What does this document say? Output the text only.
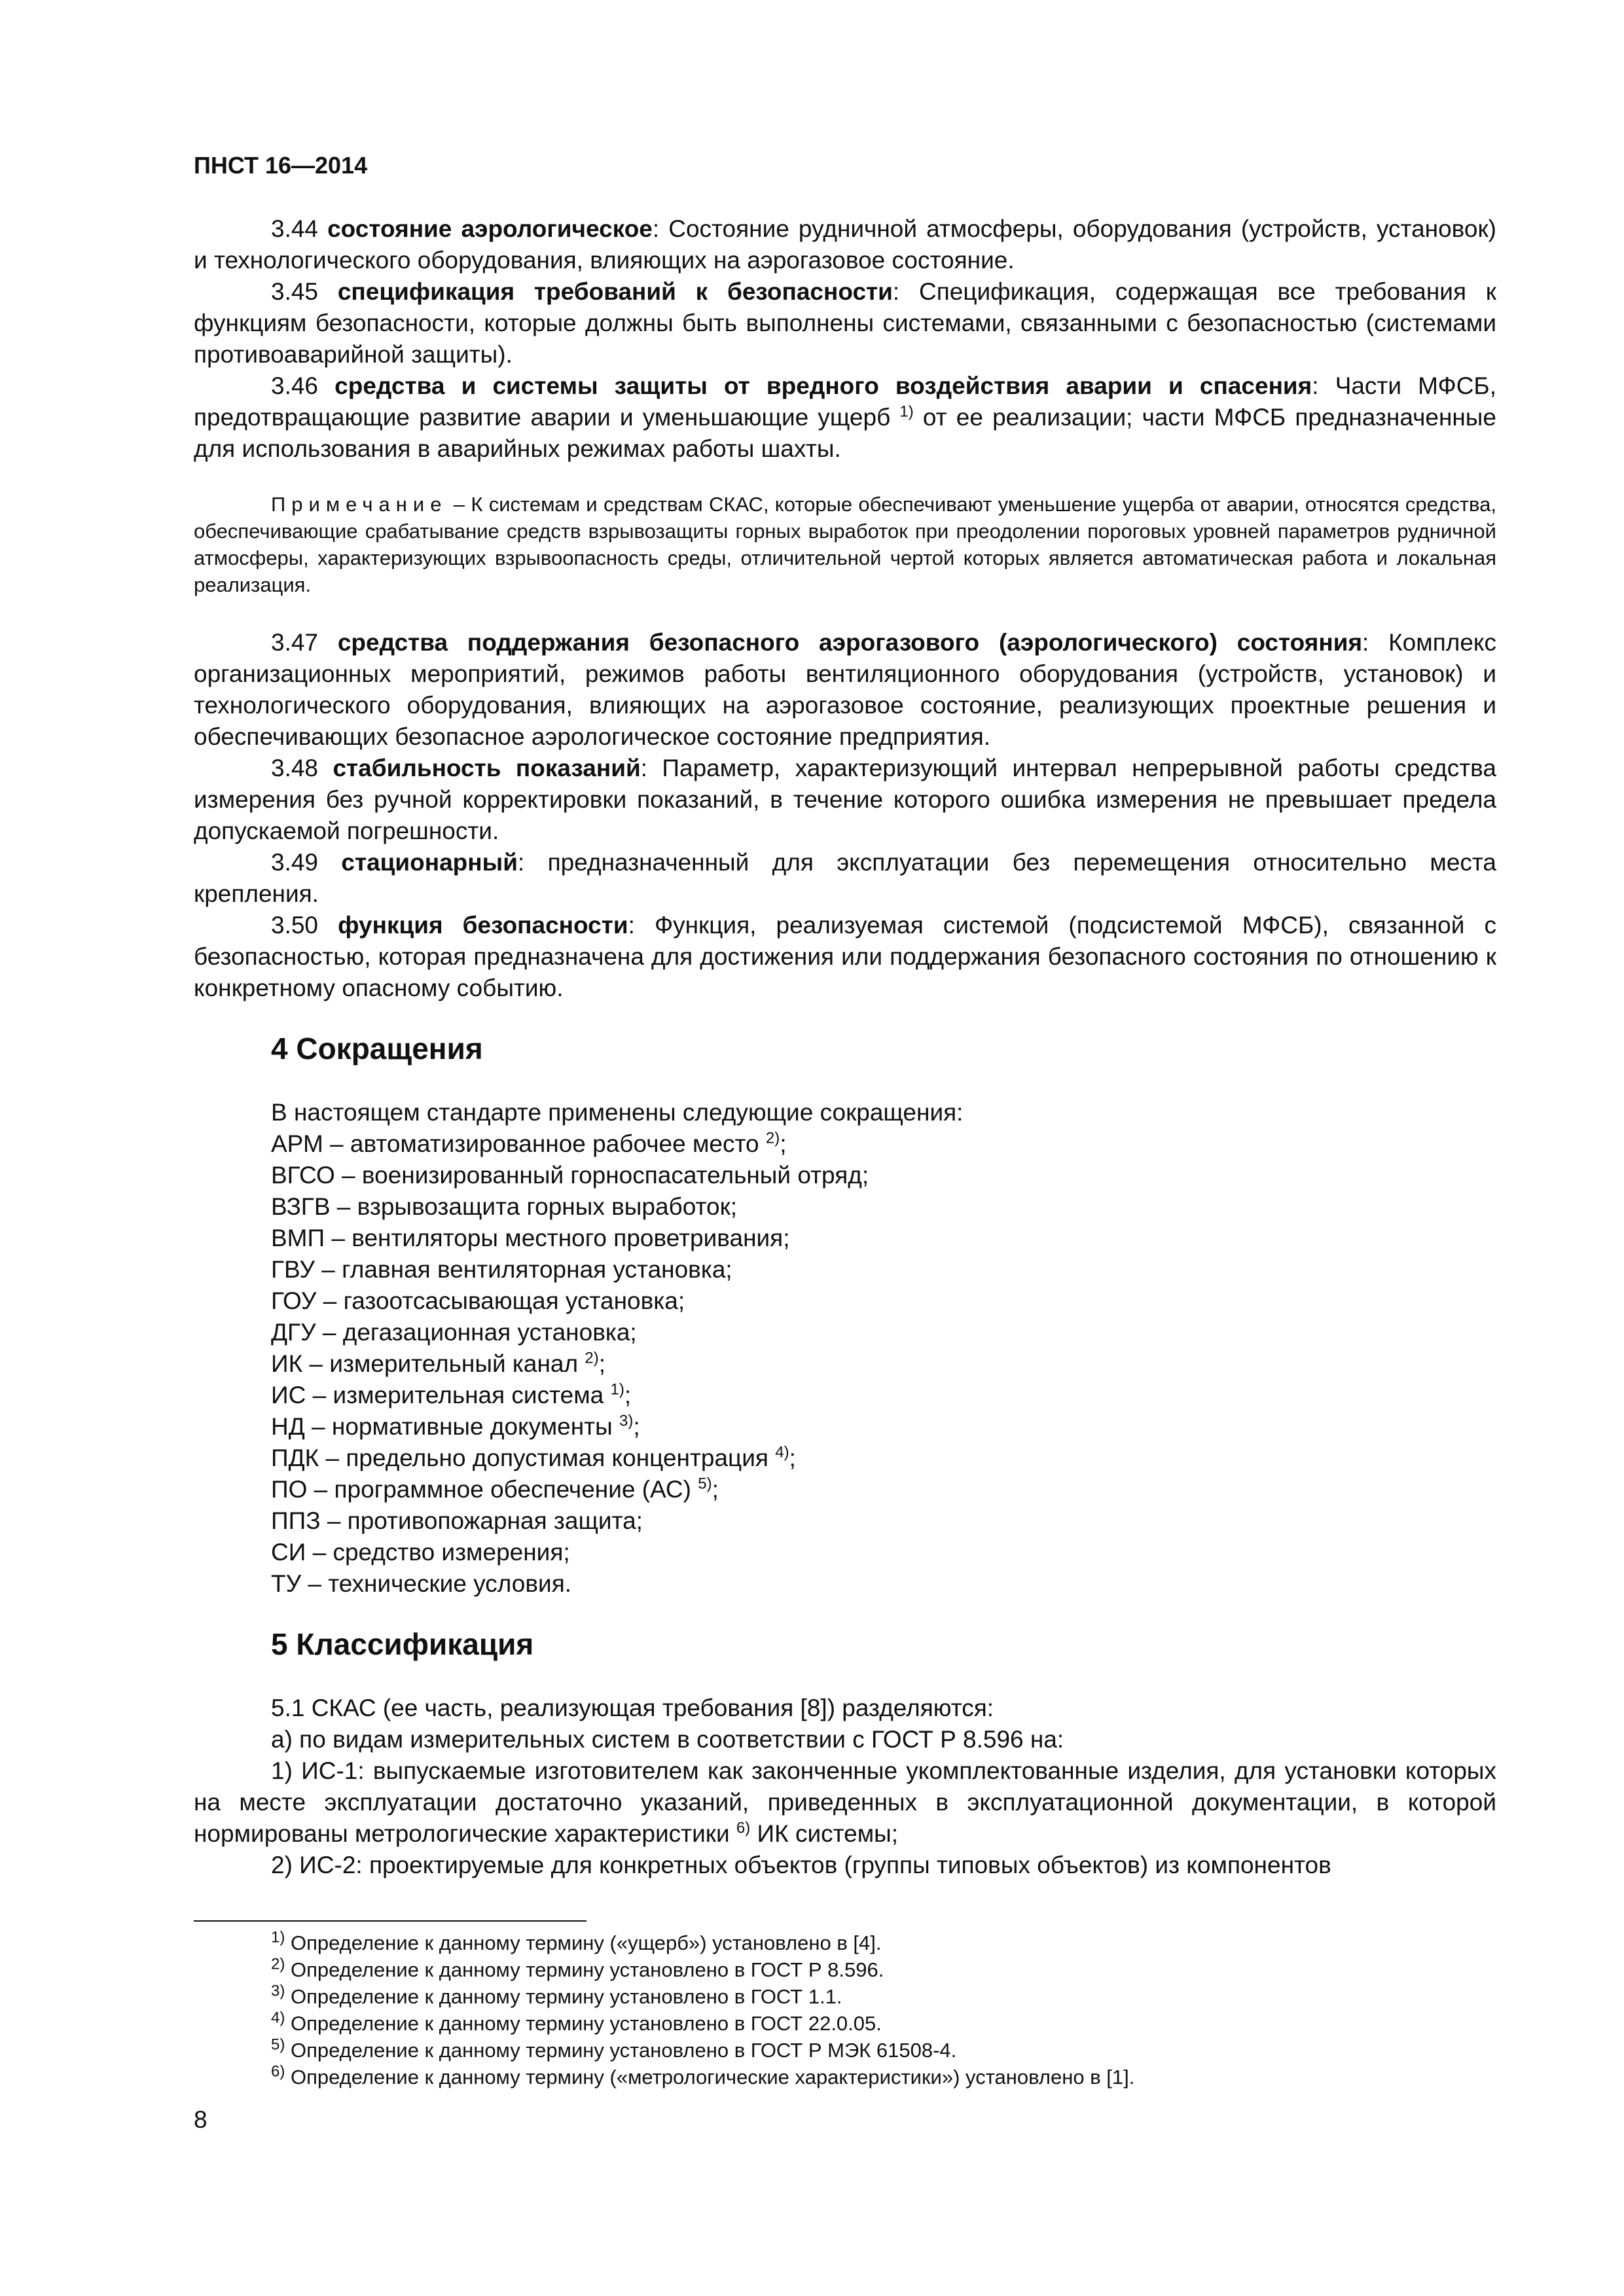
ПНСТ 16—2014

3.44 состояние аэрологическое: Состояние рудничной атмосферы, оборудования (устройств, установок) и технологического оборудования, влияющих на аэрогазовое состояние.

3.45 спецификация требований к безопасности: Спецификация, содержащая все требования к функциям безопасности, которые должны быть выполнены системами, связанными с безопасностью (системами противоаварийной защиты).

3.46 средства и системы защиты от вредного воздействия аварии и спасения: Части МФСБ, предотвращающие развитие аварии и уменьшающие ущерб $^{1)}$ от ее реализации; части МФСБ предназначенные для использования в аварийных режимах работы шахты.

Примечание – К системам и средствам СКАС, которые обеспечивают уменьшение ущерба от аварии, относятся средства, обеспечивающие срабатывание средств взрывозащиты горных выработок при преодолении пороговых уровней параметров рудничной атмосферы, характеризующих взрывоопасность среды, отличительной чертой которых является автоматическая работа и локальная реализация.

3.47 средства поддержания безопасного аэрогазового (аэрологического) состояния: Комплекс организационных мероприятий, режимов работы вентиляционного оборудования (устройств, установок) и технологического оборудования, влияющих на аэрогазовое состояние, реализующих проектные решения и обеспечивающих безопасное аэрологическое состояние предприятия.

3.48 стабильность показаний: Параметр, характеризующий интервал непрерывной работы средства измерения без ручной корректировки показаний, в течение которого ошибка измерения не превышает предела допускаемой погрешности.

3.49 стационарный: предназначенный для эксплуатации без перемещения относительно места крепления.

3.50 функция безопасности: Функция, реализуемая системой (подсистемой МФСБ), связанной с безопасностью, которая предназначена для достижения или поддержания безопасного состояния по отношению к конкретному опасному событию.

4 Сокращения
В настоящем стандарте применены следующие сокращения:
АРМ – автоматизированное рабочее место $^{2)}$;
ВГСО – военизированный горноспасательный отряд;
ВЗГВ – взрывозащита горных выработок;
ВМП – вентиляторы местного проветривания;
ГВУ – главная вентиляторная установка;
ГОУ – газоотсасывающая установка;
ДГУ – дегазационная установка;
ИК – измерительный канал $^{2)}$;
ИС – измерительная система $^{1)}$;
НД – нормативные документы $^{3)}$;
ПДК – предельно допустимая концентрация $^{4)}$;
ПО – программное обеспечение (АС) $^{5)}$;
ППЗ – противопожарная защита;
СИ – средство измерения;
ТУ – технические условия.
5 Классификация

5.1 СКАС (ее часть, реализующая требования [8]) разделяются:

а) по видам измерительных систем в соответствии с ГОСТ Р 8.596 на:

1) ИС-1: выпускаемые изготовителем как законченные укомплектованные изделия, для установки которых на месте эксплуатации достаточно указаний, приведенных в эксплуатационной документации, в которой нормированы метрологические характеристики $^{6)}$ ИК системы;

2) ИС-2: проектируемые для конкретных объектов (группы типовых объектов) из компонентов

$^{1)}$ Определение к данному термину («ущерб») установлено в [4].
$^{2)}$ Определение к данному термину установлено в ГОСТ Р 8.596.
$^{3)}$ Определение к данному термину установлено в ГОСТ 1.1.
$^{4)}$ Определение к данному термину установлено в ГОСТ 22.0.05.
$^{5)}$ Определение к данному термину установлено в ГОСТ Р МЭК 61508-4.
$^{6)}$ Определение к данному термину («метрологические характеристики») установлено в [1].
8
